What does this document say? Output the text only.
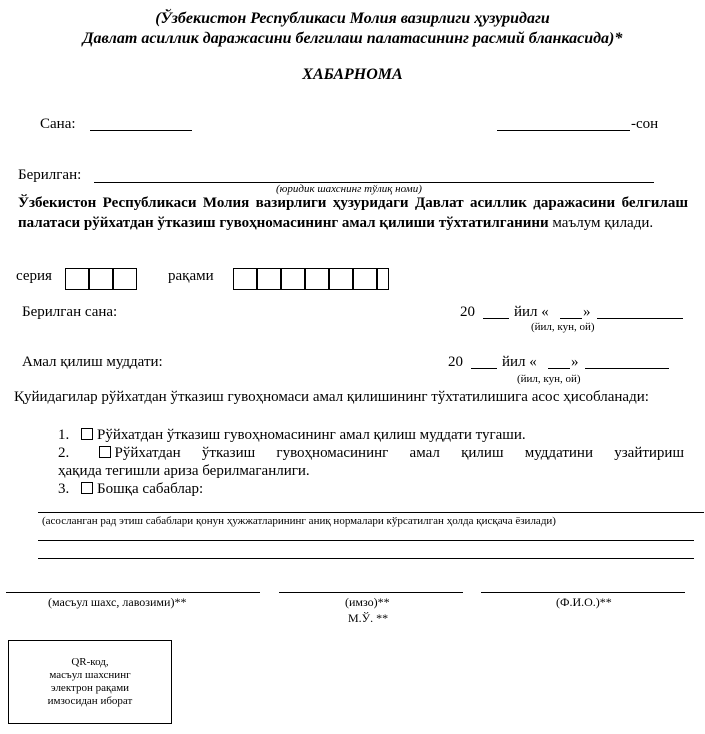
(Ўзбекистон Республикаси Молия вазирлиги ҳузуридаги
Давлат асиллик даражасини белгилаш палатасининг расмий бланкасида)*
ХАБАРНОМА
Сана:	-сон
Берилган:
(юридик шахснинг тўлиқ номи)
Ўзбекистон Республикаси Молия вазирлиги ҳузуридаги Давлат асиллик даражасини белгилаш палатаси рўйхатдан ўтказиш гувоҳномасининг амал қилиши тўхтатилганини маълум қилади.
серия	рақами
Берилган сана:	20	йил « »
(йил, кун, ой)
Амал қилиш муддати:	20	йил « »
(йил, кун, ой)
Қуйидагилар рўйхатдан ўтказиш гувоҳномаси амал қилишининг тўхтатилишига асос ҳисобланади:
1. Рўйхатдан ўтказиш гувоҳномасининг амал қилиш муддати тугаши.
2.	Рўйхатдан ўтказиш гувоҳномасининг амал қилиш муддатини узайтириш
ҳақида тегишли ариза берилмаганлиги.
3. Бошқа сабаблар:
(асосланган рад этиш сабаблари қонун ҳужжатларининг аниқ нормалари кўрсатилган ҳолда қисқача ёзилади)
(масъул шахс, лавозими)**	(имзо)**	(Ф.И.О.)**
М.Ў. **
QR-код,
масъул шахснинг
электрон рақами
имзосидан иборат
